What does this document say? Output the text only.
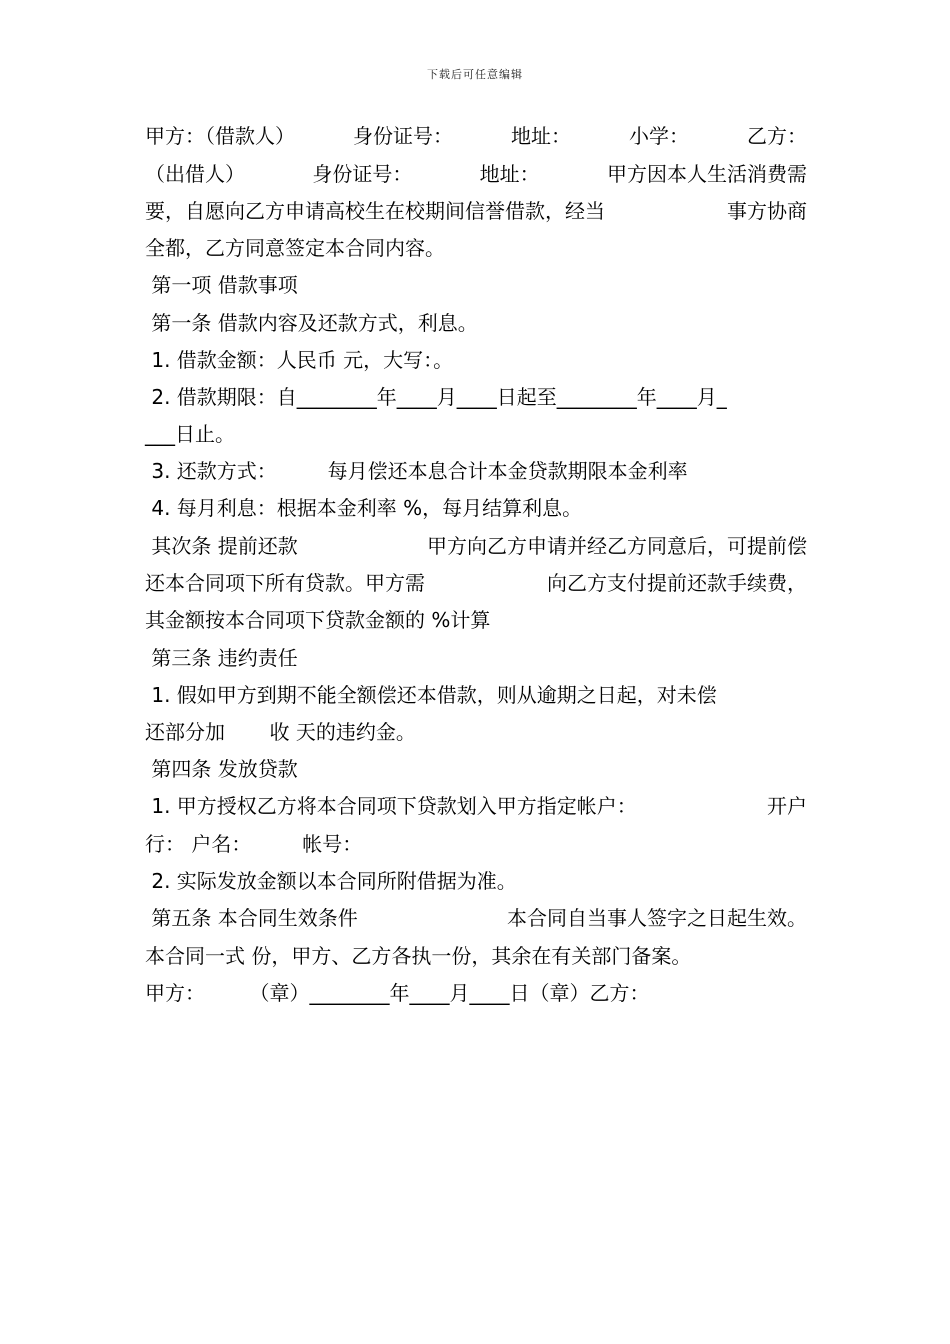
下载后可任意编辑
甲方：（借款人）	身份证号：	地址：	小学：	乙方：
（出借人）	身份证号：	地址：	甲方因本人生活消费需
要，自愿向乙方申请高校生在校期间信誉借款，经当	事方协商
全都，乙方同意签定本合同内容。
第一项 借款事项
第一条 借款内容及还款方式，利息。
1. 借款金额：人民币 元，大写：。
2. 借款期限：自________年____月____日起至________年____月_
___日止。
3. 还款方式：        每月偿还本息合计本金贷款期限本金利率
4. 每月利息：根据本金利率 %，每月结算利息。
其次条 提前还款	甲方向乙方申请并经乙方同意后，可提前偿
还本合同项下所有贷款。甲方需	向乙方支付提前还款手续费，
其金额按本合同项下贷款金额的 %计算
第三条 违约责任
1. 假如甲方到期不能全额偿还本借款，则从逾期之日起，对未偿
还部分加       收 天的违约金。
第四条 发放贷款
1. 甲方授权乙方将本合同项下贷款划入甲方指定帐户：	开户
行： 户名：        帐号：
2. 实际发放金额以本合同所附借据为准。
第五条 本合同生效条件	本合同自当事人签字之日起生效。
本合同一式 份，甲方、乙方各执一份，其余在有关部门备案。
甲方：       （章）________年____月____日（章）乙方：
